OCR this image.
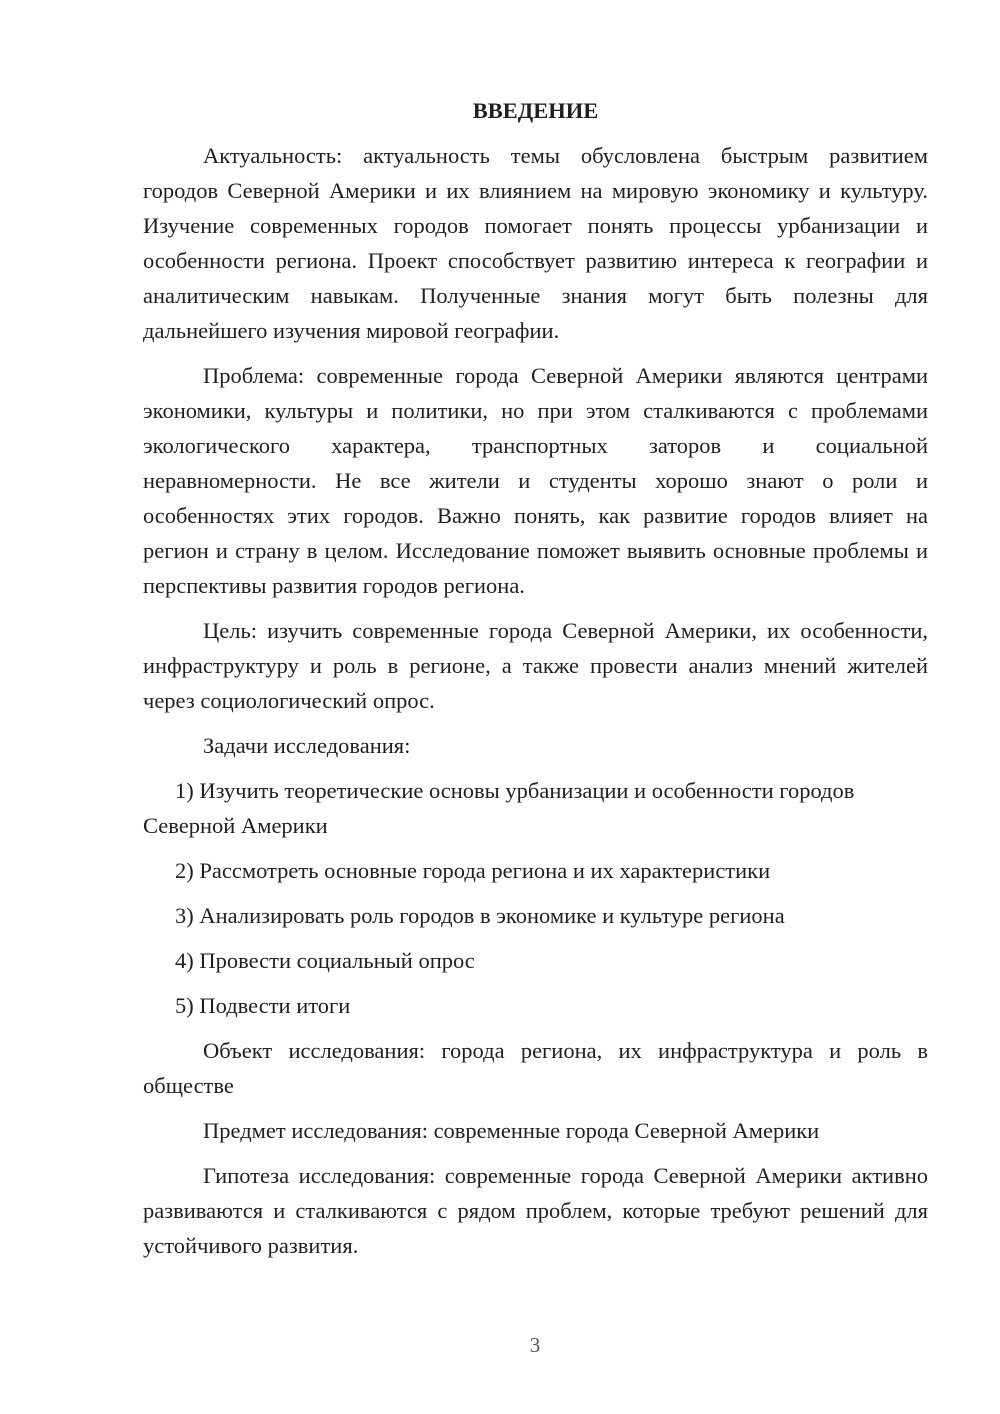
ВВЕДЕНИЕ

Актуальность: актуальность темы обусловлена быстрым развитием городов Северной Америки и их влиянием на мировую экономику и культуру. Изучение современных городов помогает понять процессы урбанизации и особенности региона. Проект способствует развитию интереса к географии и аналитическим навыкам. Полученные знания могут быть полезны для дальнейшего изучения мировой географии.

Проблема: современные города Северной Америки являются центрами экономики, культуры и политики, но при этом сталкиваются с проблемами экологического характера, транспортных заторов и социальной неравномерности. Не все жители и студенты хорошо знают о роли и особенностях этих городов. Важно понять, как развитие городов влияет на регион и страну в целом. Исследование поможет выявить основные проблемы и перспективы развития городов региона.

Цель: изучить современные города Северной Америки, их особенности, инфраструктуру и роль в регионе, а также провести анализ мнений жителей через социологический опрос.

Задачи исследования:

1) Изучить теоретические основы урбанизации и особенности городов Северной Америки

2) Рассмотреть основные города региона и их характеристики

3) Анализировать роль городов в экономике и культуре региона

4) Провести социальный опрос

5) Подвести итоги

Объект исследования: города региона, их инфраструктура и роль в обществе

Предмет исследования: современные города Северной Америки

Гипотеза исследования: современные города Северной Америки активно развиваются и сталкиваются с рядом проблем, которые требуют решений для устойчивого развития.

3
